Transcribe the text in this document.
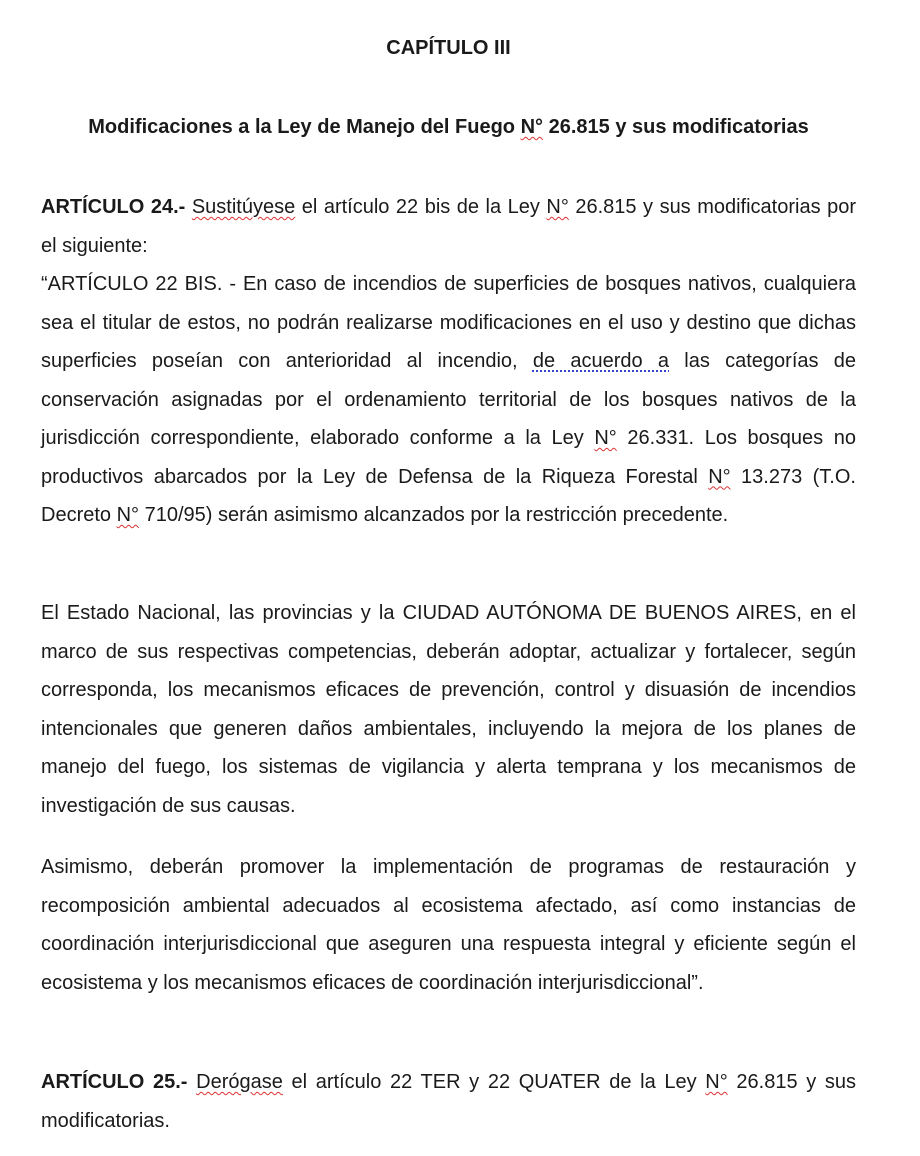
CAPÍTULO III
Modificaciones a la Ley de Manejo del Fuego N° 26.815 y sus modificatorias

ARTÍCULO 24.- Sustitúyese el artículo 22 bis de la Ley N° 26.815 y sus modificatorias por el siguiente:
“ARTÍCULO 22 BIS. - En caso de incendios de superficies de bosques nativos, cualquiera sea el titular de estos, no podrán realizarse modificaciones en el uso y destino que dichas superficies poseían con anterioridad al incendio, de acuerdo a las categorías de conservación asignadas por el ordenamiento territorial de los bosques nativos de la jurisdicción correspondiente, elaborado conforme a la Ley N° 26.331. Los bosques no productivos abarcados por la Ley de Defensa de la Riqueza Forestal N° 13.273 (T.O. Decreto N° 710/95) serán asimismo alcanzados por la restricción precedente.

El Estado Nacional, las provincias y la CIUDAD AUTÓNOMA DE BUENOS AIRES, en el marco de sus respectivas competencias, deberán adoptar, actualizar y fortalecer, según corresponda, los mecanismos eficaces de prevención, control y disuasión de incendios intencionales que generen daños ambientales, incluyendo la mejora de los planes de manejo del fuego, los sistemas de vigilancia y alerta temprana y los mecanismos de investigación de sus causas.

Asimismo, deberán promover la implementación de programas de restauración y recomposición ambiental adecuados al ecosistema afectado, así como instancias de coordinación interjurisdiccional que aseguren una respuesta integral y eficiente según el ecosistema y los mecanismos eficaces de coordinación interjurisdiccional”.

ARTÍCULO 25.- Derógase el artículo 22 TER y 22 QUATER de la Ley N° 26.815 y sus modificatorias.
